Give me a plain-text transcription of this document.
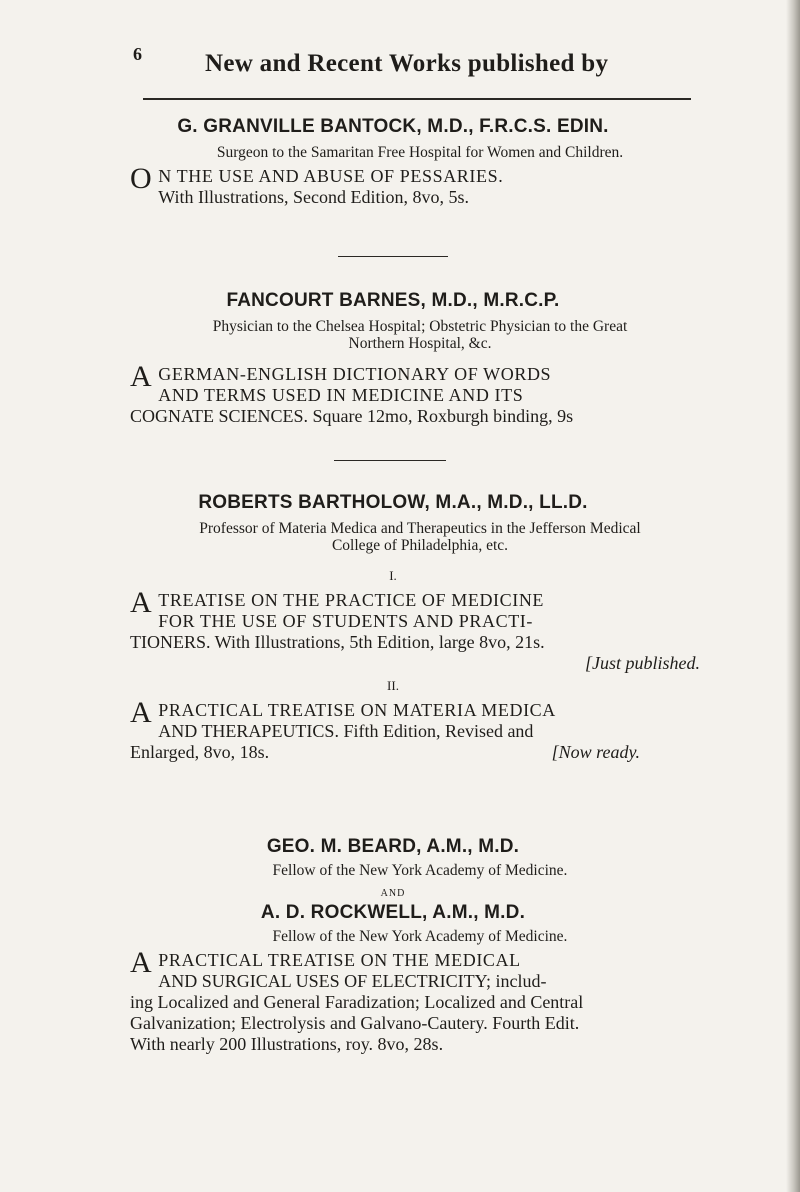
6	New and Recent Works published by
G. GRANVILLE BANTOCK, M.D., F.R.C.S. EDIN.
Surgeon to the Samaritan Free Hospital for Women and Children.
O N THE USE AND ABUSE OF PESSARIES.
With Illustrations, Second Edition, 8vo, 5s.
FANCOURT BARNES, M.D., M.R.C.P.
Physician to the Chelsea Hospital; Obstetric Physician to the Great
Northern Hospital, &c.
A GERMAN-ENGLISH DICTIONARY OF WORDS
AND TERMS USED IN MEDICINE AND ITS
COGNATE SCIENCES. Square 12mo, Roxburgh binding, 9s
ROBERTS BARTHOLOW, M.A., M.D., LL.D.
Professor of Materia Medica and Therapeutics in the Jefferson Medical
College of Philadelphia, etc.
I.
A TREATISE ON THE PRACTICE OF MEDICINE
FOR THE USE OF STUDENTS AND PRACTI-
TIONERS. With Illustrations, 5th Edition, large 8vo, 21s.
[Just published.
II.
A PRACTICAL TREATISE ON MATERIA MEDICA
AND THERAPEUTICS. Fifth Edition, Revised and
Enlarged, 8vo, 18s.	[Now ready.
GEO. M. BEARD, A.M., M.D.
Fellow of the New York Academy of Medicine.
AND
A. D. ROCKWELL, A.M., M.D.
Fellow of the New York Academy of Medicine.
A PRACTICAL TREATISE ON THE MEDICAL
AND SURGICAL USES OF ELECTRICITY; includ-
ing Localized and General Faradization; Localized and Central
Galvanization; Electrolysis and Galvano-Cautery. Fourth Edit.
With nearly 200 Illustrations, roy. 8vo, 28s.
